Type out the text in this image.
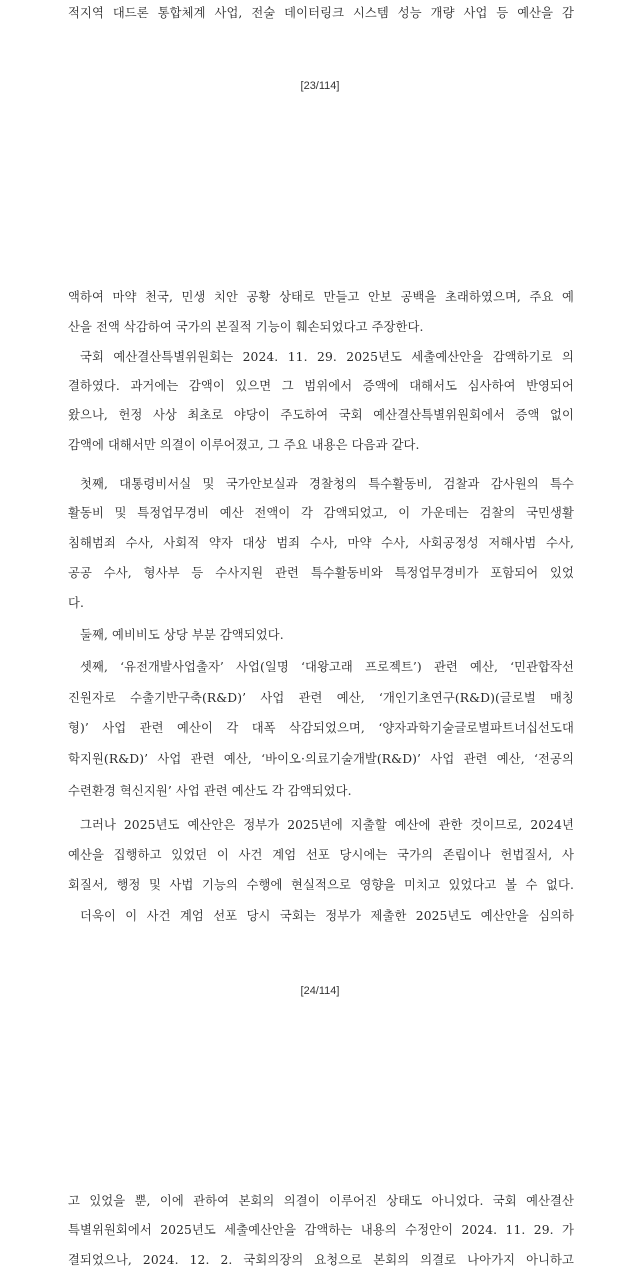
적지역 대드론 통합체계 사업, 전술 데이터링크 시스템 성능 개량 사업 등 예산을 감
[23/114]
액하여 마약 천국, 민생 치안 공황 상태로 만들고 안보 공백을 초래하였으며, 주요 예
산을 전액 삭감하여 국가의 본질적 기능이 훼손되었다고 주장한다.
국회 예산결산특별위원회는 2024. 11. 29. 2025년도 세출예산안을 감액하기로 의
결하였다. 과거에는 감액이 있으면 그 범위에서 증액에 대해서도 심사하여 반영되어
왔으나, 헌정 사상 최초로 야당이 주도하여 국회 예산결산특별위원회에서 증액 없이
감액에 대해서만 의결이 이루어졌고, 그 주요 내용은 다음과 같다.
첫째, 대통령비서실 및 국가안보실과 경찰청의 특수활동비, 검찰과 감사원의 특수
활동비 및 특정업무경비 예산 전액이 각 감액되었고, 이 가운데는 검찰의 국민생활
침해범죄 수사, 사회적 약자 대상 범죄 수사, 마약 수사, 사회공정성 저해사범 수사,
공공 수사, 형사부 등 수사지원 관련 특수활동비와 특정업무경비가 포함되어 있었
다.
둘째, 예비비도 상당 부분 감액되었다.
셋째, ‘유전개발사업출자’ 사업(일명 ‘대왕고래 프로젝트’) 관련 예산, ‘민관합작선
진원자로 수출기반구축(R&D)’ 사업 관련 예산, ‘개인기초연구(R&D)(글로벌 매칭
형)’ 사업 관련 예산이 각 대폭 삭감되었으며, ‘양자과학기술글로벌파트너십선도대
학지원(R&D)’ 사업 관련 예산, ‘바이오·의료기술개발(R&D)’ 사업 관련 예산, ‘전공의
수련환경 혁신지원’ 사업 관련 예산도 각 감액되었다.
그러나 2025년도 예산안은 정부가 2025년에 지출할 예산에 관한 것이므로, 2024년
예산을 집행하고 있었던 이 사건 계엄 선포 당시에는 국가의 존립이나 헌법질서, 사
회질서, 행정 및 사법 기능의 수행에 현실적으로 영향을 미치고 있었다고 볼 수 없다.
더욱이 이 사건 계엄 선포 당시 국회는 정부가 제출한 2025년도 예산안을 심의하
[24/114]
고 있었을 뿐, 이에 관하여 본회의 의결이 이루어진 상태도 아니었다. 국회 예산결산
특별위원회에서 2025년도 세출예산안을 감액하는 내용의 수정안이 2024. 11. 29. 가
결되었으나, 2024. 12. 2. 국회의장의 요청으로 본회의 의결로 나아가지 아니하고
